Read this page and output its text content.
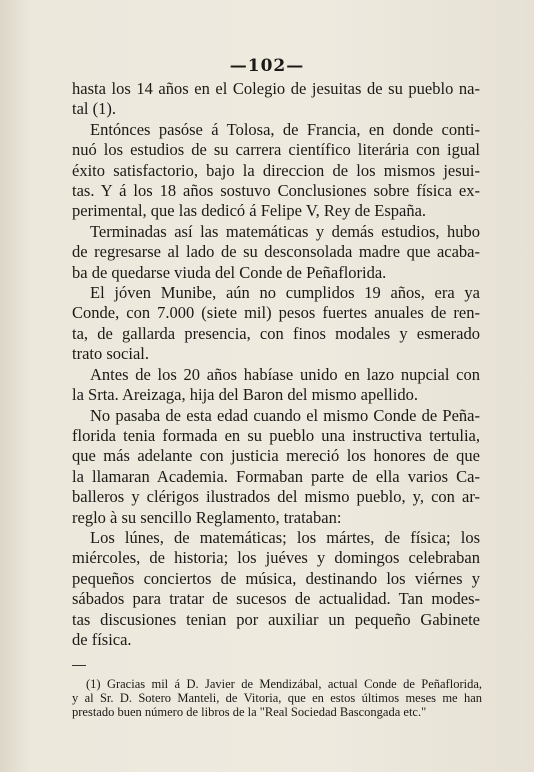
—102—
hasta los 14 años en el Colegio de jesuitas de su pueblo na-
tal (1).
Entónces pasóse á Tolosa, de Francia, en donde conti-
nuó los estudios de su carrera científico literária con igual
éxito satisfactorio, bajo la direccion de los mismos jesui-
tas. Y á los 18 años sostuvo Conclusiones sobre física ex-
perimental, que las dedicó á Felipe V, Rey de España.
Terminadas así las matemáticas y demás estudios, hubo
de regresarse al lado de su desconsolada madre que acaba-
ba de quedarse viuda del Conde de Peñaflorida.
El jóven Munibe, aún no cumplidos 19 años, era ya
Conde, con 7.000 (siete mil) pesos fuertes anuales de ren-
ta, de gallarda presencia, con finos modales y esmerado
trato social.
Antes de los 20 años habíase unido en lazo nupcial con
la Srta. Areizaga, hija del Baron del mismo apellido.
No pasaba de esta edad cuando el mismo Conde de Peña-
florida tenia formada en su pueblo una instructiva tertulia,
que más adelante con justicia mereció los honores de que
la llamaran Academia. Formaban parte de ella varios Ca-
balleros y clérigos ilustrados del mismo pueblo, y, con ar-
reglo à su sencillo Reglamento, trataban:
Los lúnes, de matemáticas; los mártes, de física; los
miércoles, de historia; los juéves y domingos celebraban
pequeños conciertos de música, destinando los viérnes y
sábados para tratar de sucesos de actualidad. Tan modes-
tas discusiones tenian por auxiliar un pequeño Gabinete
de física.
(1) Gracias mil á D. Javier de Mendizábal, actual Conde de Peñaflorida,
y al Sr. D. Sotero Manteli, de Vitoria, que en estos últimos meses me han
prestado buen número de libros de la "Real Sociedad Bascongada etc."
